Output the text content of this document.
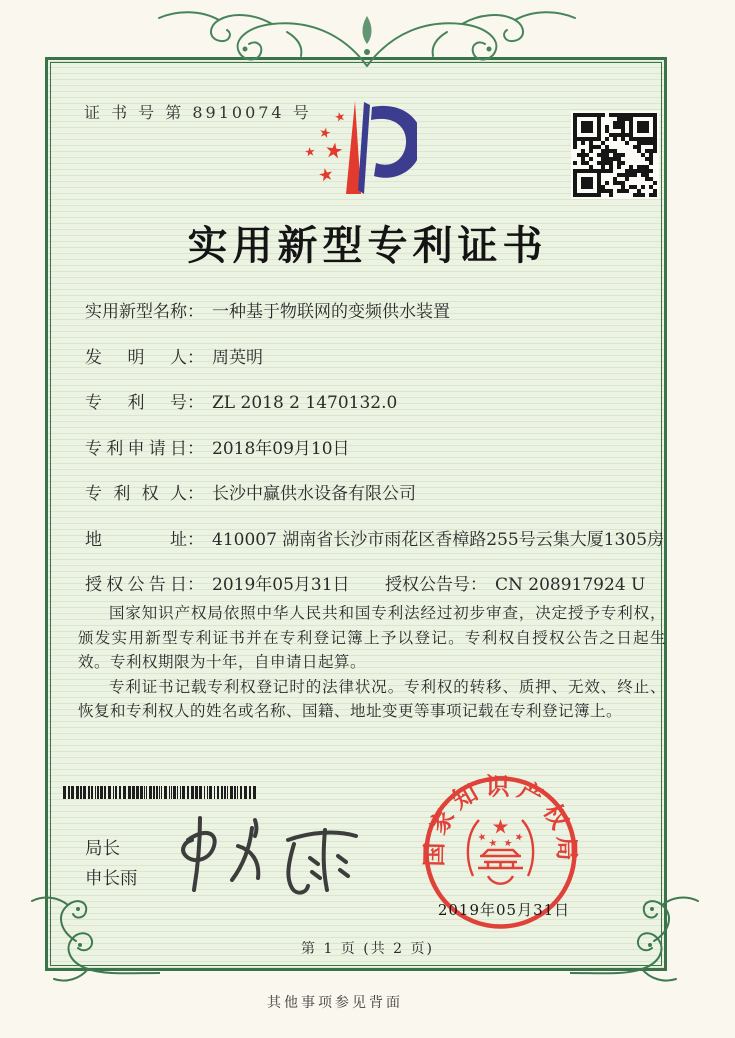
证 书 号 第 8910074 号
实用新型专利证书
实用新型名称： 一种基于物联网的变频供水装置
发明人： 周英明
专利号： ZL 2018 2 1470132.0
专利申请日： 2018年09月10日
专利权人： 长沙中赢供水设备有限公司
地址： 410007 湖南省长沙市雨花区香樟路255号云集大厦1305房
授权公告日： 2019年05月31日 授权公告号： CN 208917924 U

国家知识产权局依照中华人民共和国专利法经过初步审查，决定授予专利权，颁发实用新型专利证书并在专利登记簿上予以登记。专利权自授权公告之日起生效。专利权期限为十年，自申请日起算。

专利证书记载专利权登记时的法律状况。专利权的转移、质押、无效、终止、恢复和专利权人的姓名或名称、国籍、地址变更等事项记载在专利登记簿上。

局长
申长雨
国家知识产权局
2019年05月31日
第 1 页 (共 2 页)
其他事项参见背面
